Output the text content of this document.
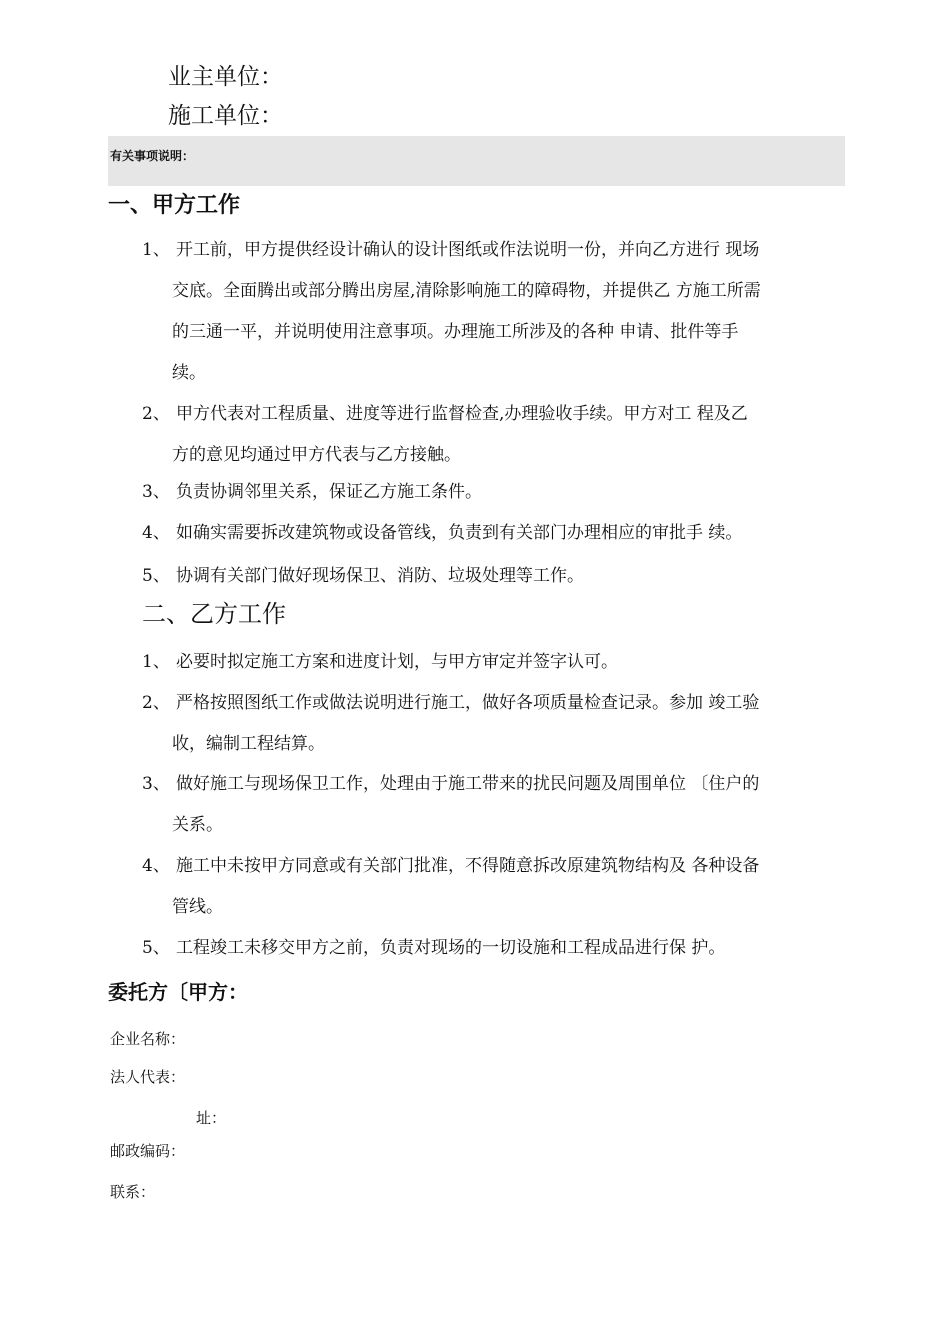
业主单位：
施工单位：
有关事项说明：
一、甲方工作
1、 开工前，甲方提供经设计确认的设计图纸或作法说明一份，并向乙方进行 现场
交底。全面腾出或部分腾出房屋,清除影响施工的障碍物，并提供乙 方施工所需
的三通一平，并说明使用注意事项。办理施工所涉及的各种 申请、批件等手
续。
2、 甲方代表对工程质量、进度等进行监督检查,办理验收手续。甲方对工 程及乙
方的意见均通过甲方代表与乙方接触。
3、 负责协调邻里关系，保证乙方施工条件。
4、 如确实需要拆改建筑物或设备管线，负责到有关部门办理相应的审批手 续。
5、 协调有关部门做好现场保卫、消防、垃圾处理等工作。
二、乙方工作
1、 必要时拟定施工方案和进度计划，与甲方审定并签字认可。
2、 严格按照图纸工作或做法说明进行施工，做好各项质量检查记录。参加 竣工验
收，编制工程结算。
3、 做好施工与现场保卫工作，处理由于施工带来的扰民问题及周围单位 〔住户的
关系。
4、 施工中未按甲方同意或有关部门批准，不得随意拆改原建筑物结构及 各种设备
管线。
5、 工程竣工未移交甲方之前，负责对现场的一切设施和工程成品进行保 护。
委托方〔甲方：
企业名称：
法人代表：
址：
邮政编码：
联系：
